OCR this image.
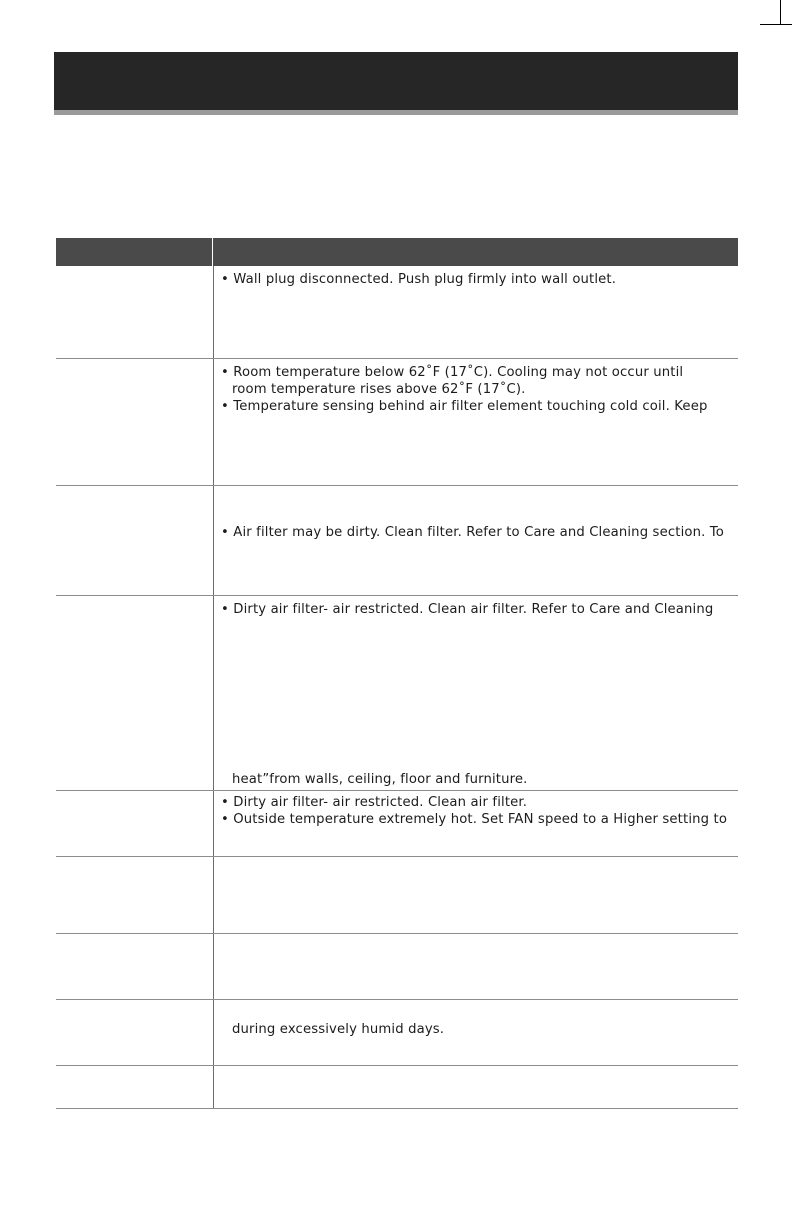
• Wall plug disconnected. Push plug firmly into wall outlet.

• Room temperature below 62˚F (17˚C). Cooling may not occur until

room temperature rises above 62˚F (17˚C).

• Temperature sensing behind air filter element touching cold coil. Keep

• Air filter may be dirty. Clean filter. Refer to Care and Cleaning section. To

• Dirty air filter- air restricted. Clean air filter. Refer to Care and Cleaning

heat”from walls, ceiling, floor and furniture.

• Dirty air filter- air restricted. Clean air filter.

• Outside temperature extremely hot. Set FAN speed to a Higher setting to

during excessively humid days.
